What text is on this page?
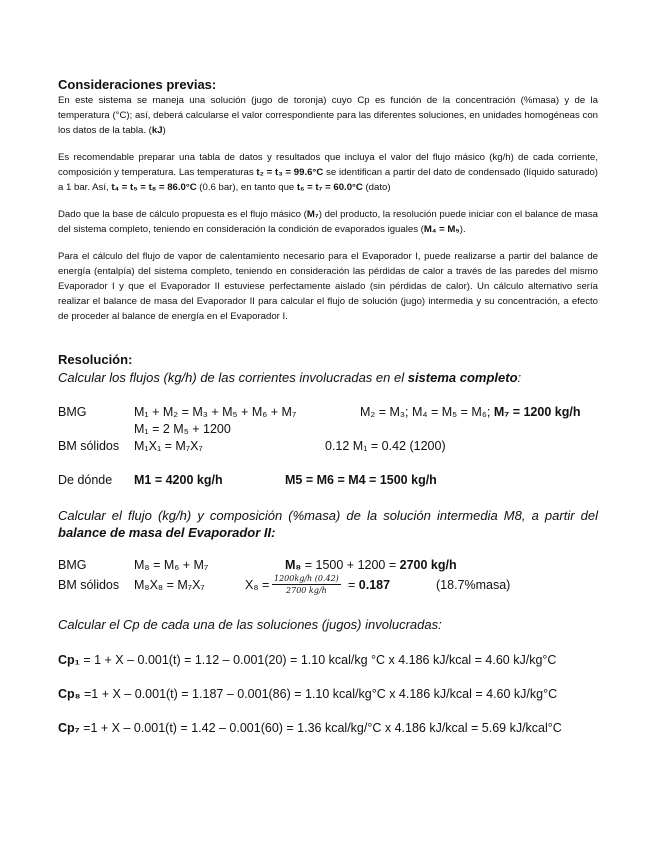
Consideraciones previas:
En este sistema se maneja una solución (jugo de toronja) cuyo Cp es función de la concentración (%masa) y de la temperatura (°C); así, deberá calcularse el valor correspondiente para las diferentes soluciones, en unidades homogéneas con los datos de la tabla. (kJ)
Es recomendable preparar una tabla de datos y resultados que incluya el valor del flujo másico (kg/h) de cada corriente, composición y temperatura. Las temperaturas t₂ = t₃ = 99.6°C se identifican a partir del dato de condensado (líquido saturado) a 1 bar. Así, t₄ = t₅ = t₈ = 86.0°C (0.6 bar), en tanto que t₆ = t₇ = 60.0°C (dato)
Dado que la base de cálculo propuesta es el flujo másico (M₇) del producto, la resolución puede iniciar con el balance de masa del sistema completo, teniendo en consideración la condición de evaporados iguales (M₄ = M₅).
Para el cálculo del flujo de vapor de calentamiento necesario para el Evaporador I, puede realizarse a partir del balance de energía (entalpía) del sistema completo, teniendo en consideración las pérdidas de calor a través de las paredes del mismo Evaporador I y que el Evaporador II estuviese perfectamente aislado (sin pérdidas de calor). Un cálculo alternativo sería realizar el balance de masa del Evaporador II para calcular el flujo de solución (jugo) intermedia y su concentración, a efecto de proceder al balance de energía en el Evaporador I.
Resolución:
Calcular los flujos (kg/h) de las corrientes involucradas en el sistema completo:
BMG	M₁ + M₂ = M₃ + M₅ + M₆ + M₇	M₂ = M₃; M₄ = M₅ = M₆; M₇ = 1200 kg/h
M₁ = 2 M₅ + 1200
BM sólidos M₁X₁ = M₇X₇	0.12 M₁ = 0.42 (1200)
De dónde M1 = 4200 kg/h	M5 = M6 = M4 = 1500 kg/h
Calcular el flujo (kg/h) y composición (%masa) de la solución intermedia M8, a partir del balance de masa del Evaporador II:
BMG	M₈ = M₆ + M₇	M₈ = 1500 + 1200 = 2700 kg/h
BM sólidos M₈X₈ = M₇X₇	$X_8 = \frac{1200kg/h (0.42)}{2700 kg/h} = 0.187$	(18.7%masa)
Calcular el Cp de cada una de las soluciones (jugos) involucradas:
Cp₁ = 1 + X – 0.001(t) = 1.12 – 0.001(20) = 1.10 kcal/kg °C x 4.186 kJ/kcal = 4.60 kJ/kg°C
Cp₈ =1 + X – 0.001(t) = 1.187 – 0.001(86) = 1.10 kcal/kg°C x 4.186 kJ/kcal = 4.60 kJ/kg°C
Cp₇ =1 + X – 0.001(t) = 1.42 – 0.001(60) = 1.36 kcal/kg/°C x 4.186 kJ/kcal = 5.69 kJ/kcal°C
